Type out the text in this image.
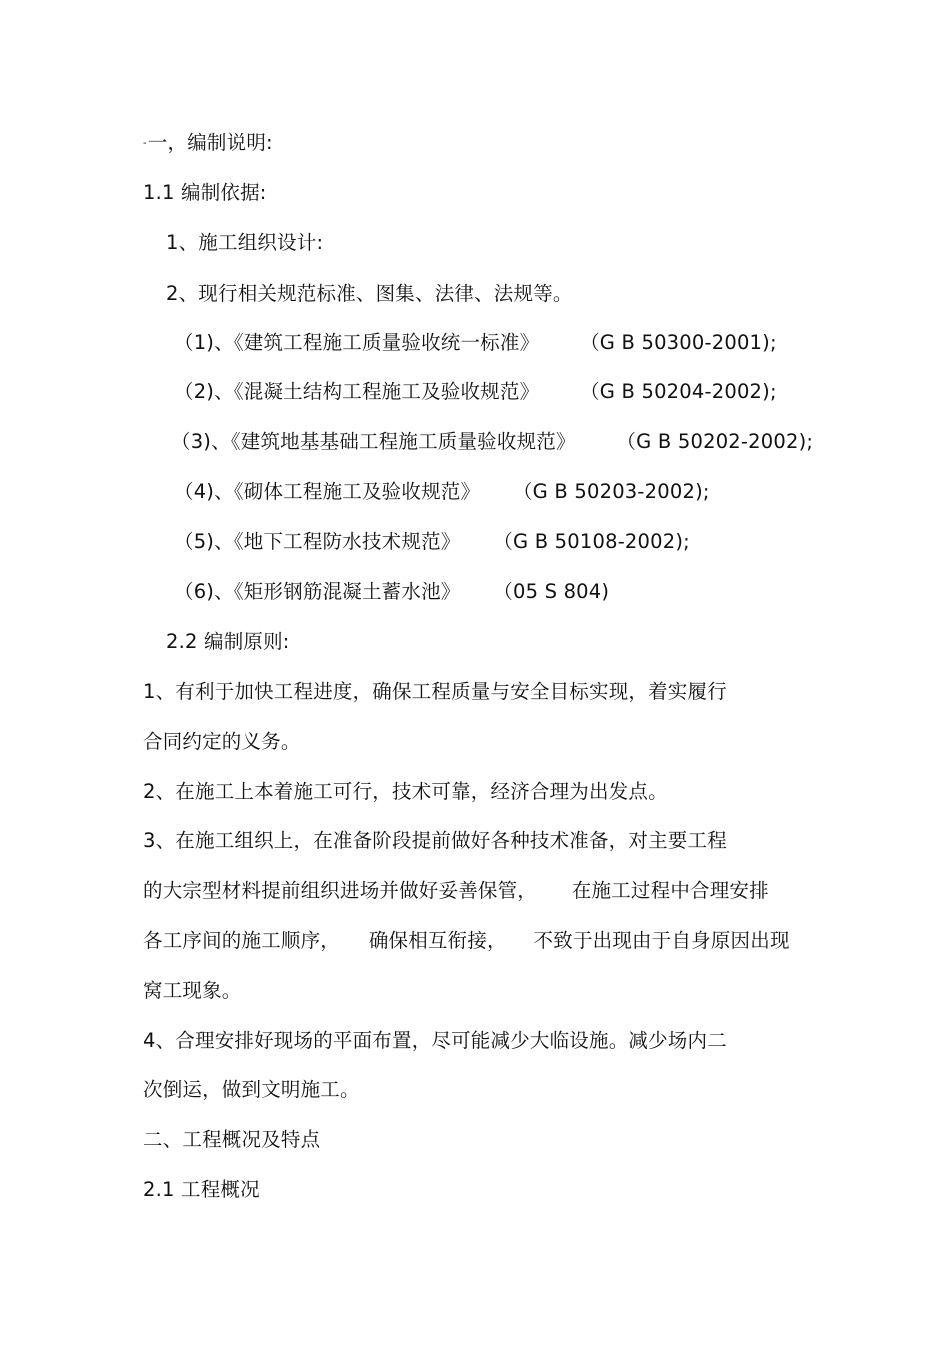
-一，编制说明:

1.1 编制依据:

1、施工组织设计:

2、现行相关规范标准、图集、法律、法规等。

（1)、《建筑工程施工质量验收统一标准》 （G B 50300-2001);

（2)、《混凝土结构工程施工及验收规范》 （G B 50204-2002);

（3)、《建筑地基基础工程施工质量验收规范》 （G B 50202-2002);

（4)、《砌体工程施工及验收规范》 （G B 50203-2002);

（5)、《地下工程防水技术规范》 （G B 50108-2002);

（6)、《矩形钢筋混凝土蓄水池》 （05 S 804)

2.2 编制原则:

1、有利于加快工程进度，确保工程质量与安全目标实现，着实履行

合同约定的义务。

2、在施工上本着施工可行，技术可靠，经济合理为出发点。

3、在施工组织上，在准备阶段提前做好各种技术准备，对主要工程

的大宗型材料提前组织进场并做好妥善保管， 在施工过程中合理安排

各工序间的施工顺序， 确保相互衔接， 不致于出现由于自身原因出现

窝工现象。

4、合理安排好现场的平面布置，尽可能减少大临设施。减少场内二

次倒运，做到文明施工。

二、工程概况及特点

2.1 工程概况
